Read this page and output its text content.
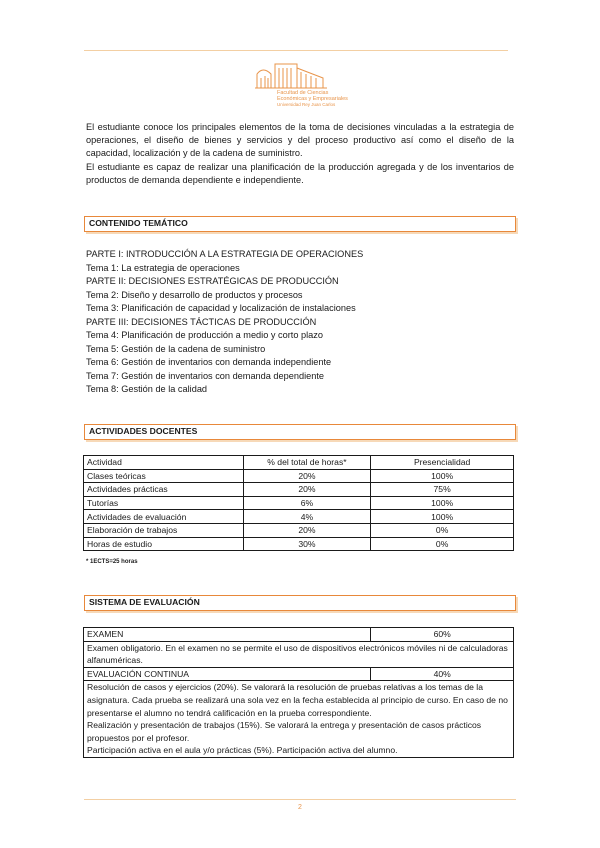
Facultad de Ciencias
Económicas y Empresariales
Universidad Rey Juan Carlos

El estudiante conoce los principales elementos de la toma de decisiones vinculadas a la estrategia de operaciones, el diseño de bienes y servicios y del proceso productivo así como el diseño de la capacidad, localización y de la cadena de suministro.

El estudiante es capaz de realizar una planificación de la producción agregada y de los inventarios de productos de demanda dependiente e independiente.

CONTENIDO TEMÁTICO
PARTE I: INTRODUCCIÓN A LA ESTRATEGIA DE OPERACIONES
Tema 1: La estrategia de operaciones
PARTE II: DECISIONES ESTRATÉGICAS DE PRODUCCIÓN
Tema 2: Diseño y desarrollo de productos y procesos
Tema 3: Planificación de capacidad y localización de instalaciones
PARTE III: DECISIONES TÁCTICAS DE PRODUCCIÓN
Tema 4: Planificación de producción a medio y corto plazo
Tema 5: Gestión de la cadena de suministro
Tema 6: Gestión de inventarios con demanda independiente
Tema 7: Gestión de inventarios con demanda dependiente
Tema 8: Gestión de la calidad
ACTIVIDADES DOCENTES
Actividad	% del total de horas*	Presencialidad
Clases teóricas	20%	100%
Actividades prácticas	20%	75%
Tutorías	6%	100%
Actividades de evaluación	4%	100%
Elaboración de trabajos	20%	0%
Horas de estudio	30%	0%
* 1ECTS=25 horas
SISTEMA DE EVALUACIÓN
EXAMEN	60%
Examen obligatorio. En el examen no se permite el uso de dispositivos electrónicos móviles ni de calculadoras alfanuméricas.	
EVALUACIÓN CONTINUA	40%

Resolución de casos y ejercicios (20%). Se valorará la resolución de pruebas relativas a los temas de la asignatura. Cada prueba se realizará una sola vez en la fecha establecida al principio de curso. En caso de no presentarse el alumno no tendrá calificación en la prueba correspondiente.

Realización y presentación de trabajos (15%). Se valorará la entrega y presentación de casos prácticos propuestos por el profesor.

Participación activa en el aula y/o prácticas (5%). Participación activa del alumno.	

2
